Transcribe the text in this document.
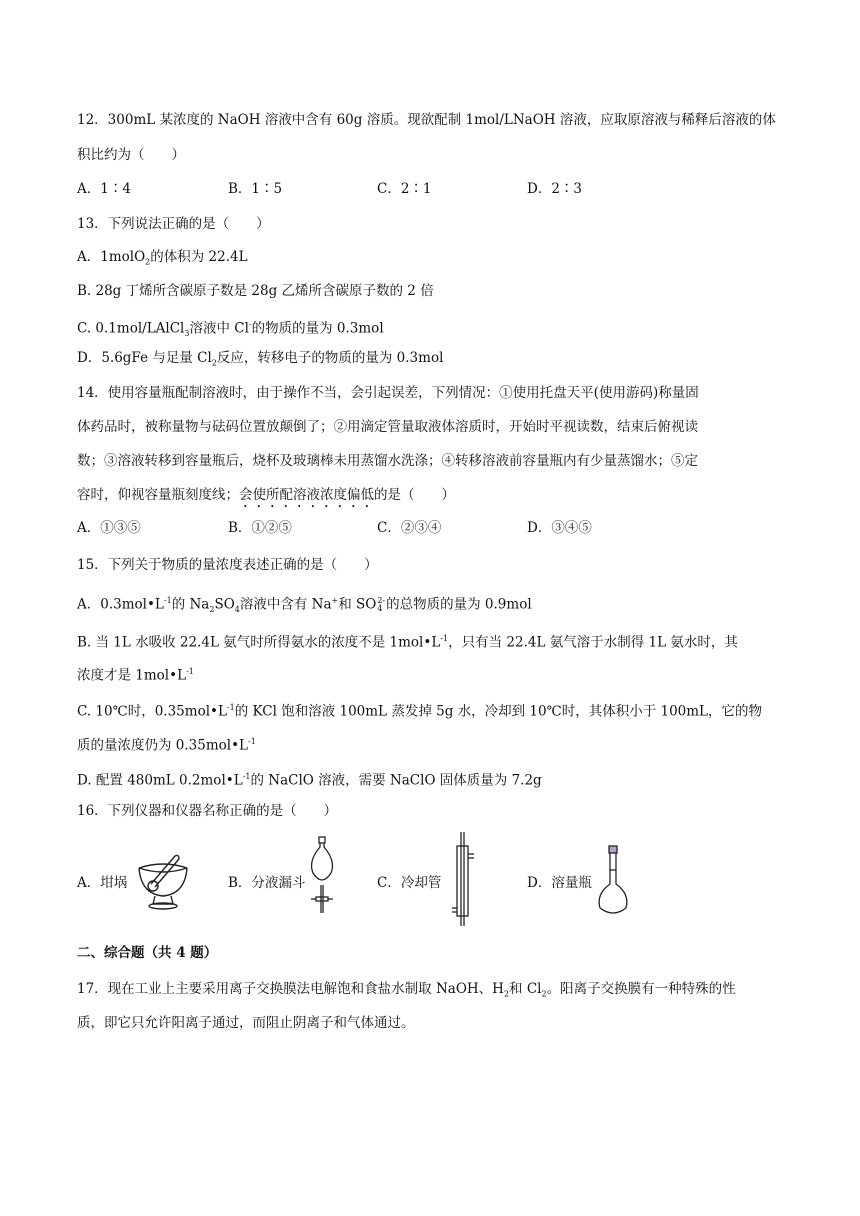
12．300mL 某浓度的 NaOH 溶液中含有 60g 溶质。现欲配制 1mol/LNaOH 溶液，应取原溶液与稀释后溶液的体
积比约为（　　）
A．1∶4	B．1∶5	C．2∶1	D．2∶3
13．下列说法正确的是（　　）
A．1molO$_2$的体积为 22.4L
B. 28g 丁烯所含碳原子数是 28g 乙烯所含碳原子数的 2 倍
C. 0.1mol/LAlCl$_3$溶液中 Cl-的物质的量为 0.3mol
D．5.6gFe 与足量 $Cl_2$反应，转移电子的物质的量为 0.3mol
14．使用容量瓶配制溶液时，由于操作不当，会引起误差，下列情况：①使用托盘天平(使用游码)称量固
体药品时，被称量物与砝码位置放颠倒了；②用滴定管量取液体溶质时，开始时平视读数，结束后俯视读
数；③溶液转移到容量瓶后，烧杯及玻璃棒未用蒸馏水洗涤；④转移溶液前容量瓶内有少量蒸馏水；⑤定
容时，仰视容量瓶刻度线；会使所配溶液浓度偏低的是（　　）
A．①③⑤	B．①②⑤	C．②③④	D．③④⑤
15．下列关于物质的量浓度表述正确的是（　　）
A．$0.3mol•L^{-1}$的 $Na_2SO_4$溶液中含有 Na+和 SO 2-
4 的总物质的量为 0.9mol
B. 当 1L 水吸收 22.4L 氨气时所得氨水的浓度不是 $1mol•L^{-1}$，只有当 22.4L 氨气溶于水制得 1L 氨水时，其
浓度才是 $1mol•L^{-1}$
C. 10℃时，$0.35mol•L^{-1}$的 KCl 饱和溶液 100mL 蒸发掉 5g 水，冷却到 10℃时，其体积小于 100mL，它的物
质的量浓度仍为 $0.35mol•L^{-1}$
D. 配置 480mL $0.2mol•L^{-1}$的 NaClO 溶液，需要 NaClO 固体质量为 7.2g
16．下列仪器和仪器名称正确的是（　　）
A．坩埚	B．分液漏斗	C．冷却管	D．溶量瓶
二、综合题（共 4 题）
17．现在工业上主要采用离子交换膜法电解饱和食盐水制取 NaOH、$H_2$和 $Cl_2$。阳离子交换膜有一种特殊的性
质，即它只允许阳离子通过，而阻止阴离子和气体通过。
